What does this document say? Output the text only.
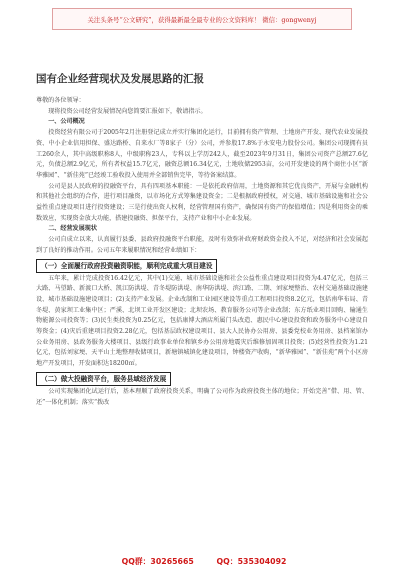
关注头条号“公文研究”，获得最新最全最专业的公文资料库！ 微信：gongwenyj
国有企业经营现状及发展思路的汇报

尊敬的各位领导：

现将投资公司经营发展情况向您简要汇报如下，敬请指示。

一、公司概况

投资经营有限公司于2005年2月注册登记成立并实行集团化运行，目前拥有资产管理、土地房产开发、现代农业发展投资、中小企业信用担保、盛达路桥、自来水厂等8家子（分）公司，并参股17.8%于永安电力股份公司。集团公司现拥有员工260余人，其中高级职称8人，中级职称23人，专科以上学历242人，截至2023年9月31日，集团公司资产总额27.6亿元，负债总额2.9亿元，所有者权益15.7亿元，融资总额16.34亿元，土地收储2953亩，公司开发建设的两个商住小区“新华雅园”、“新佳苑”已经竣工验收投入使用并全部销售完毕，等待备案结算。

公司是县人民政府的投融资平台，具有四项基本职能：一是依托政府信用，土地资源和其它优良资产，开展与金融机构和其他社会组织的合作，进行项目融资，以市场化方式筹集建设资金；二是根据政府授权，对交通、城市基础设施和社会公益性重点建设项目进行投资建设；三是行使出资人权利，经营管理国有资产，确保国有资产的保值增值；四是利用资金的乘数效应，实现资金放大功能，搭建投融资、担保平台，支持产业和中小企业发展。

二、经营发展现状

公司自成立以来，认真履行县委、县政府投融资平台职能，及时有效弥补政府财政资金投入不足，对经济和社会发展起到了良好的推动作用。公司五年来履职情况和经营业绩如下：

（一）全面履行政府投资融资职能，顺利完成重大项目建设

五年来，累计完成投资16.42亿元，其中(1)交通、城市基础设施和社会公益性重点建设项目投资为4.47亿元，包括三大路、马望路、新渡口大桥、凯江防洪堤、青冬堤防洪堤、南华防洪堤、滨江路、二期、刘家埂整治、农村交通基础设施建设、城市基础设施建设项目；(2)支持产业发展。企业改制和工业园区建设等重点工程项目投资8.2亿元，包括南华布局、青冬堤、黄家坝工业集中区；严溪、北坝工业开发区建设；北坝农场、教育服务公司等企业改制；东方纸业项目回购、输通生物能源公司投资等；(3)民生类投资为0.25亿元，包括康博大酒店所属门头改造、惠民中心建设投资和政务服务中心建设自筹资金；(4)灾后重建项目投资2.28亿元，包括基层政权建设项目、县大人民协办公用房、县委党校业务用房、县档案馆办公业务用房、县政务服务大楼项目、县级行政事业单位和镇乡办公用房地震灾后维修加固项目投资；(5)经营性投资为1.21亿元，包括刘家埂、天平山土地整理收储项目，新塘镇城镇化建设项目，钟楼资产收购，“新华雅园”、“新佳苑”两个小区房地产开发项目，开发面积达18200㎡。

（二）做大投融资平台，服务县域经济发展

公司实现集团化试运行后，基本理顺了政府投资关系，明确了公司作为政府投资主体的地位；开始完善“借、用、管、还”一体化机制；落实“拨改

QQ群：30265665	QQ：535304092
